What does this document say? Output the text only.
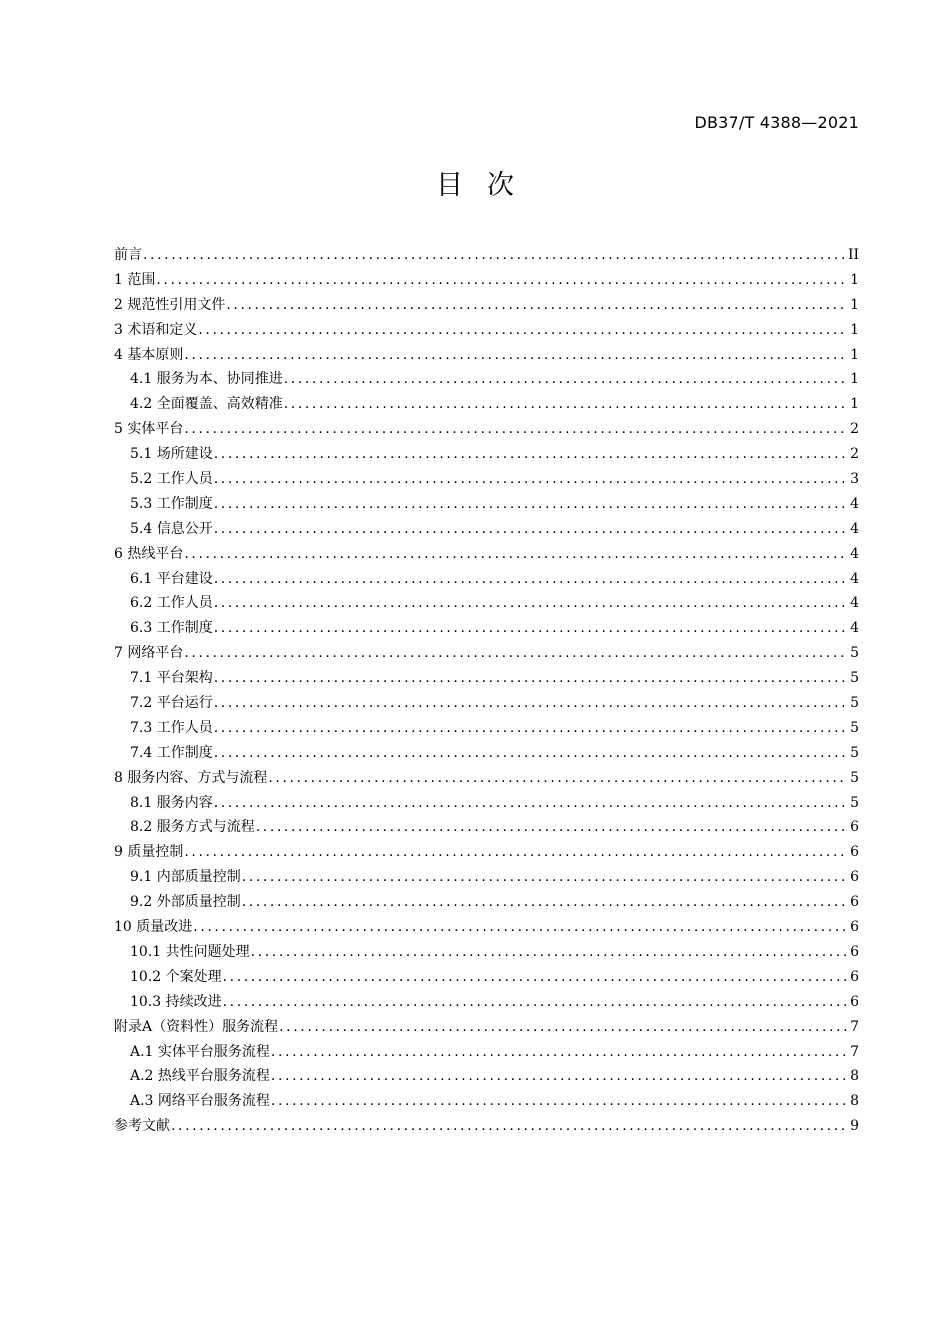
DB37/T 4388—2021
目次
前言 .....	II
1 范围 .....	1
2 规范性引用文件 .....	1
3 术语和定义 .....	1
4 基本原则 .....	1
4.1 服务为本、协同推进 .....	1
4.2 全面覆盖、高效精准 .....	1
5 实体平台 .....	2
5.1 场所建设 .....	2
5.2 工作人员 .....	3
5.3 工作制度 .....	4
5.4 信息公开 .....	4
6 热线平台 .....	4
6.1 平台建设 .....	4
6.2 工作人员 .....	4
6.3 工作制度 .....	4
7 网络平台 .....	5
7.1 平台架构 .....	5
7.2 平台运行 .....	5
7.3 工作人员 .....	5
7.4 工作制度 .....	5
8 服务内容、方式与流程 .....	5
8.1 服务内容 .....	5
8.2 服务方式与流程 .....	6
9 质量控制 .....	6
9.1 内部质量控制 .....	6
9.2 外部质量控制 .....	6
10 质量改进 .....	6
10.1 共性问题处理 .....	6
10.2 个案处理 .....	6
10.3 持续改进 .....	6
附录A（资料性）服务流程 .....	7
A.1 实体平台服务流程 .....	7
A.2 热线平台服务流程 .....	8
A.3 网络平台服务流程 .....	8
参考文献 .....	9
